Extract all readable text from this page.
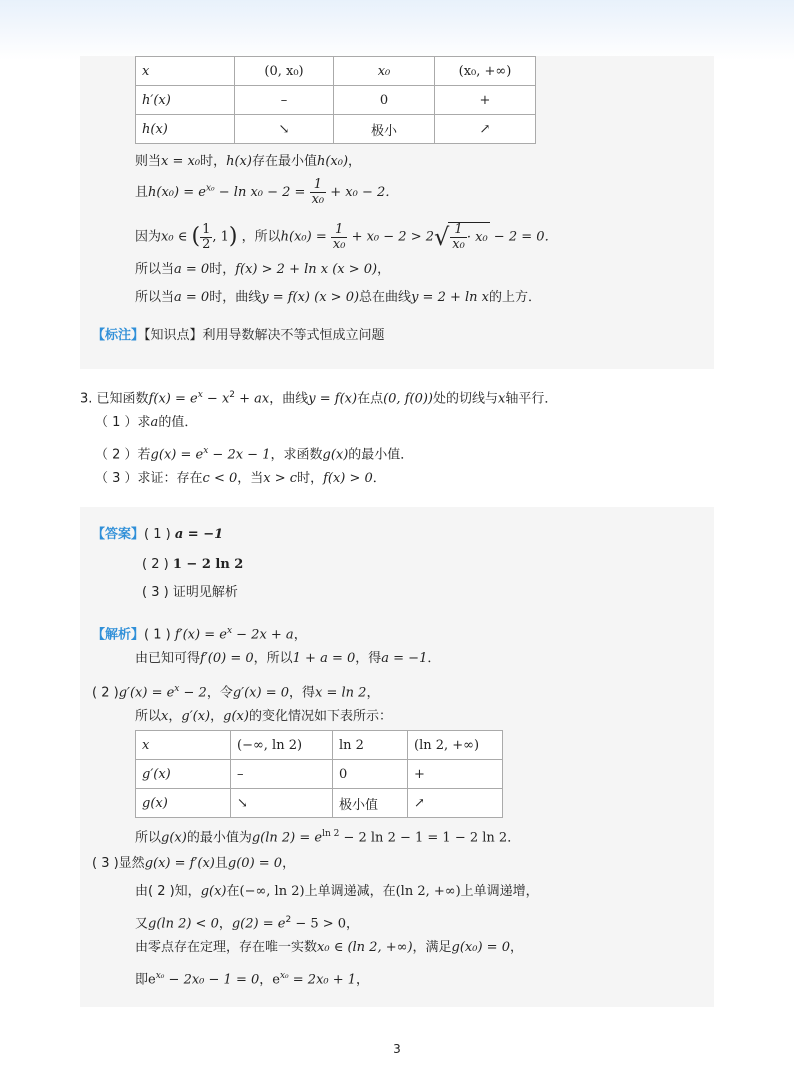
x	(0, x₀)	x₀	(x₀, +∞)
h′(x)	–	0	+
h(x)	↘	极小	↗
则当x = x₀时，h(x)存在最小值h(x₀)，
且$h(x_0) = e^{x_0} - \ln x_0 - 2 = \frac{1}{\text{x₀}} + x_0 - 2$．
因为x₀ ∈ ( $\frac{1}{2}$ , 1) ，所以$h(x_0) = \frac{1}{\text{x₀}} + x_0 - 2 > 2√ \frac{1}{\text{x₀}} \cdot x_0 - 2 = 0$．
所以当a = 0时，f(x) > 2 + ln x (x > 0)，
所以当a = 0时，曲线y = f(x) (x > 0)总在曲线y = 2 + ln x的上方．
【标注】【知识点】利用导数解决不等式恒成立问题
3. 已知函数$f(x) = e^x - x^2$ + ax，曲线y = f(x)在点(0, f(0))处的切线与x轴平行．
（ 1 ）求a的值．
（ 2 ）若$g(x) = e^x - 2x - 1$，求函数g(x)的最小值．
（ 3 ）求证：存在c < 0，当x > c时，f(x) > 0．
【答案】( 1 ) a = −1
( 2 ) 1 − 2 ln 2
( 3 ) 证明见解析
【解析】( 1 ) $f'(x) = e^x - 2x + a$，
由已知可得f′(0) = 0，所以1 + a = 0，得a = −1．
( 2 )$g'(x) = e^x - 2$，令g′(x) = 0，得x = ln 2，
所以x，g′(x)，g(x)的变化情况如下表所示：
x	(−∞, ln 2)	ln 2	(ln 2, +∞)
g′(x)	–	0	+
g(x)	↘	极小值	↗
所以g(x)的最小值为g(ln $2) = e^{ln 2} - 2$ ln 2 − 1 = 1 − 2 ln 2．
( 3 )显然g(x) = f′(x)且g(0) = 0，
由( 2 )知，g(x)在(−∞, ln 2)上单调递减，在(ln 2, +∞)上单调递增，
又g(ln 2) < 0，$g(2) = e^2 - 5 > 0$，
由零点存在定理，存在唯一实数x₀ ∈ (ln 2, +∞)，满足g(x₀) = 0，
即$e^{x_0} - 2x_0 - 1 = 0$，$e^{x_0} = 2x_0 + 1$，
3
